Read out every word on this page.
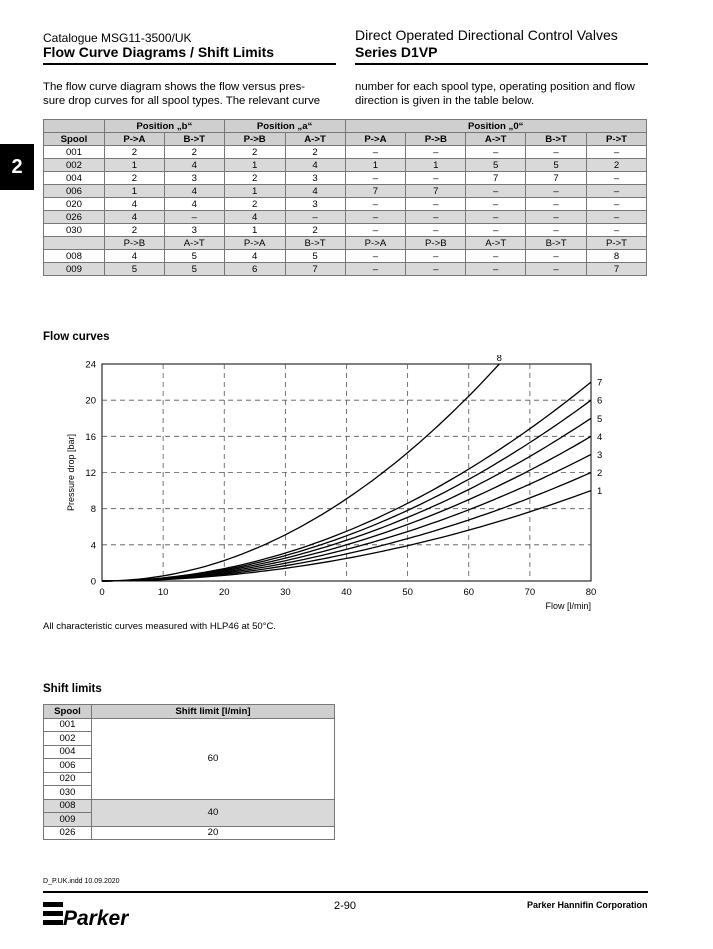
Catalogue MSG11-3500/UK
Flow Curve Diagrams / Shift Limits
Direct Operated Directional Control Valves
Series D1VP
2
The flow curve diagram shows the flow versus pres-
sure drop curves for all spool types. The relevant curve
number for each spool type, operating position and flow
direction is given in the table below.
	Position „b“		Position „a“		Position „0“				
Spool	P->A	B->T	P->B	A->T	P->A	P->B	A->T	B->T	P->T
001	2	2	2	2	–	–	–	–	–
002	1	4	1	4	1	1	5	5	2
004	2	3	2	3	–	–	7	7	–
006	1	4	1	4	7	7	–	–	–
020	4	4	2	3	–	–	–	–	–
026	4	–	4	–	–	–	–	–	–
030	2	3	1	2	–	–	–	–	–
	P->B	A->T	P->A	B->T	P->A	P->B	A->T	B->T	P->T
008	4	5	4	5	–	–	–	–	8
009	5	5	6	7	–	–	–	–	7
Flow curves
0	10	20	30	40	50	60	70	80
0
4
8
12
16
20
24
Flow [l/min]
Pressure drop [bar]	1
2
3
4
5
6
7
8
All characteristic curves measured with HLP46 at 50°C.
Shift limits
Spool	Shift limit [l/min]
001	60
002	
004	
006	
020	
030	
008	40
009	
026	20
D_P.UK.indd 10.09.2020
2-90	Parker Hannifin Corporation
Parker
